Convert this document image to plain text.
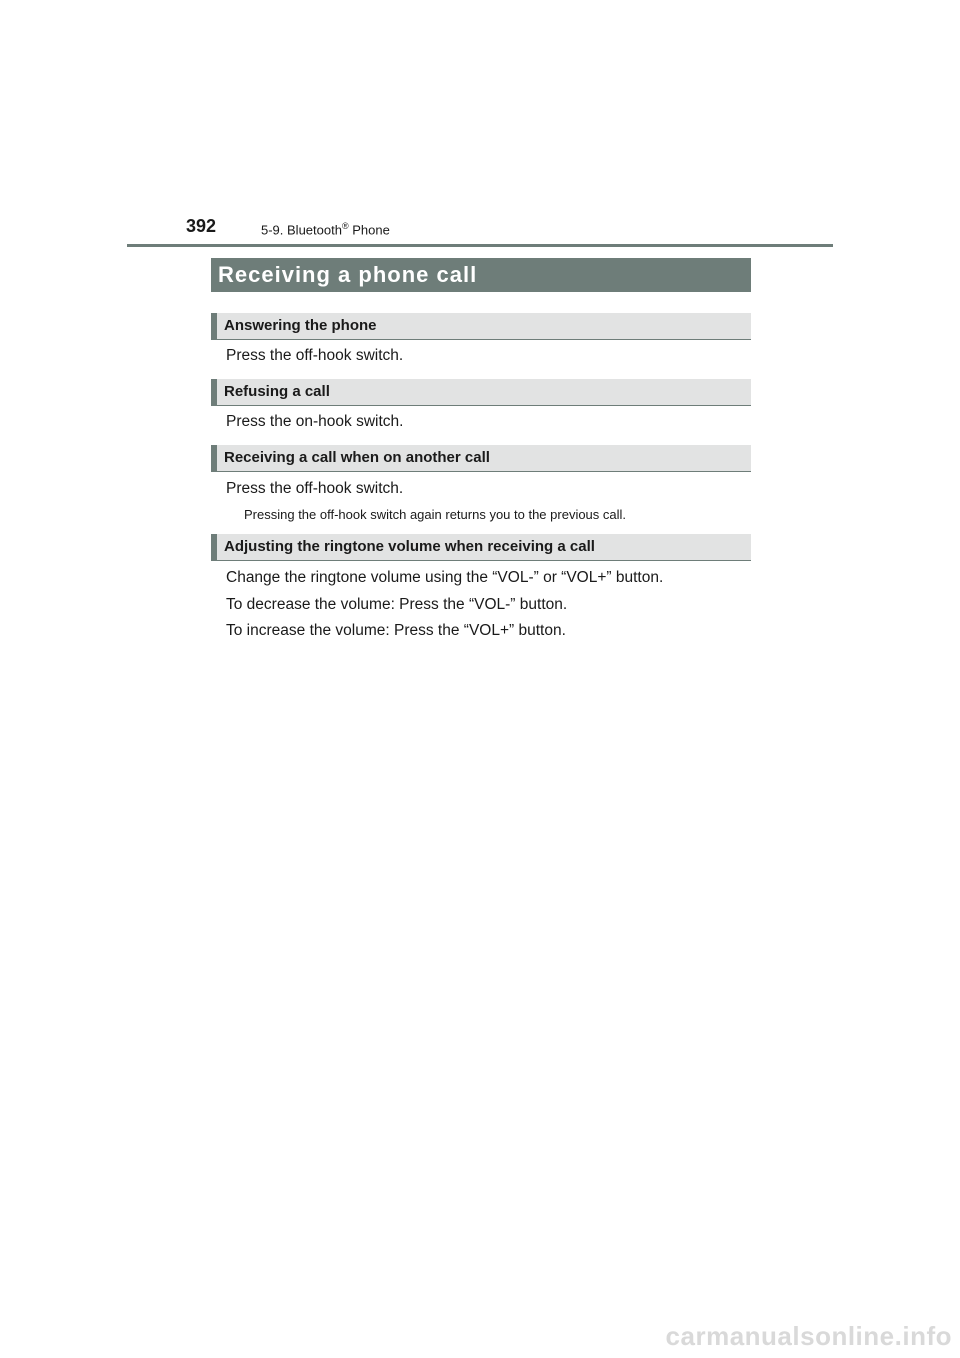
392	5-9. Bluetooth® Phone
Receiving a phone call
Answering the phone
Press the off-hook switch.
Refusing a call
Press the on-hook switch.
Receiving a call when on another call
Press the off-hook switch.
Pressing the off-hook switch again returns you to the previous call.
Adjusting the ringtone volume when receiving a call
Change the ringtone volume using the “VOL-” or “VOL+” button.
To decrease the volume: Press the “VOL-” button.
To increase the volume: Press the “VOL+” button.
carmanualsonline.info
